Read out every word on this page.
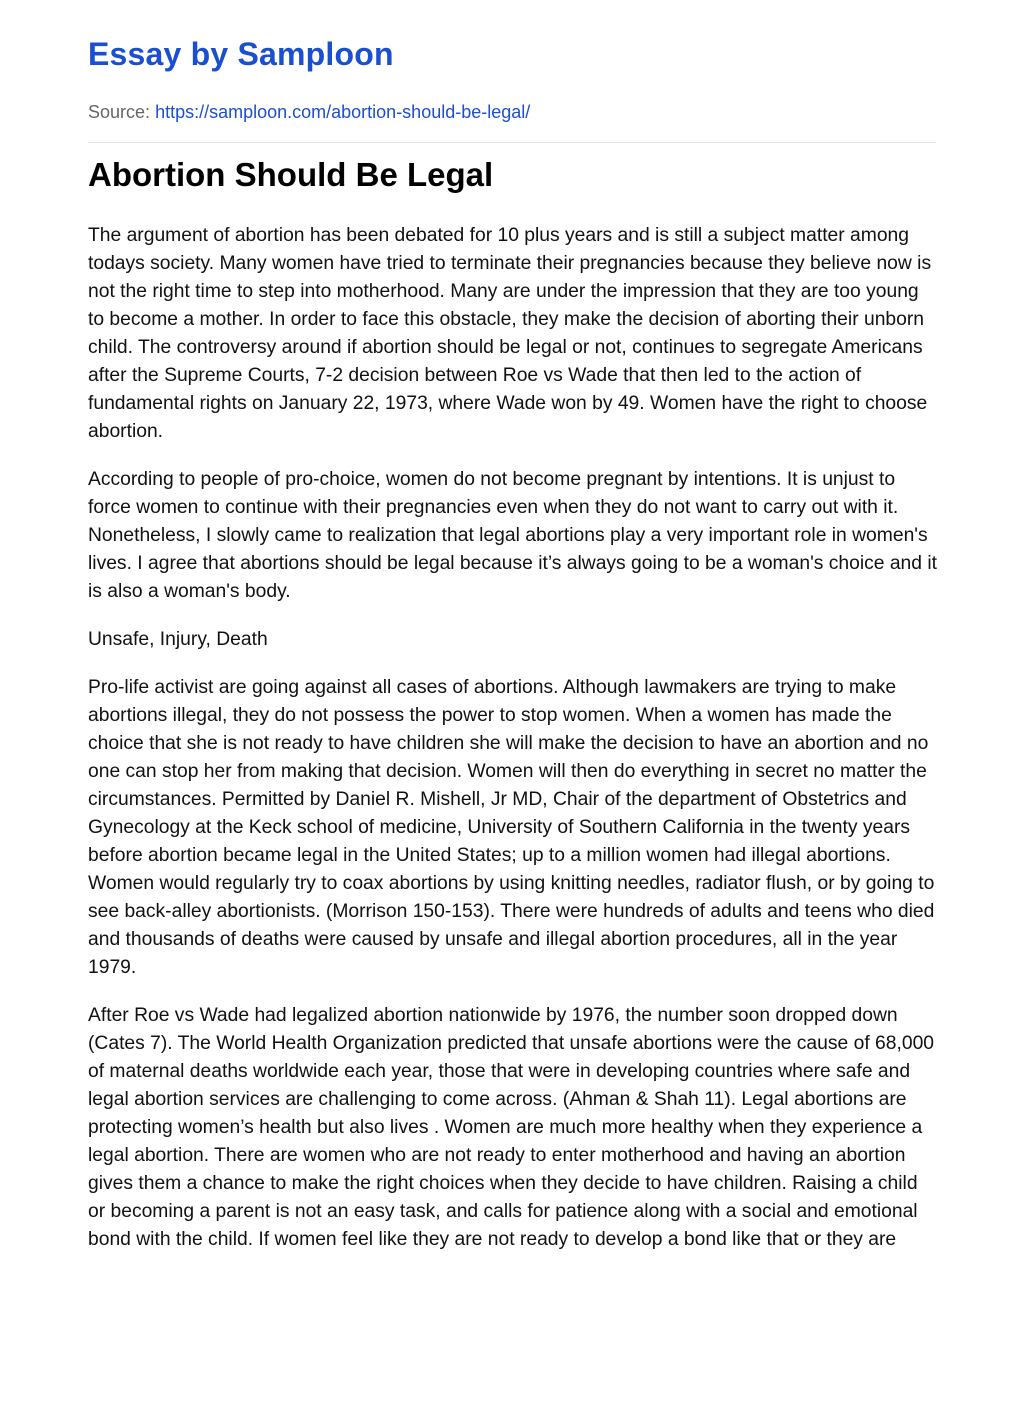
Essay by Samploon
Source: https://samploon.com/abortion-should-be-legal/
Abortion Should Be Legal

The argument of abortion has been debated for 10 plus years and is still a subject matter among todays society. Many women have tried to terminate their pregnancies because they believe now is not the right time to step into motherhood. Many are under the impression that they are too young to become a mother. In order to face this obstacle, they make the decision of aborting their unborn child. The controversy around if abortion should be legal or not, continues to segregate Americans after the Supreme Courts, 7-2 decision between Roe vs Wade that then led to the action of fundamental rights on January 22, 1973, where Wade won by 49. Women have the right to choose abortion.

According to people of pro-choice, women do not become pregnant by intentions. It is unjust to force women to continue with their pregnancies even when they do not want to carry out with it. Nonetheless, I slowly came to realization that legal abortions play a very important role in women's lives. I agree that abortions should be legal because it’s always going to be a woman's choice and it is also a woman's body.

Unsafe, Injury, Death

Pro-life activist are going against all cases of abortions. Although lawmakers are trying to make abortions illegal, they do not possess the power to stop women. When a women has made the choice that she is not ready to have children she will make the decision to have an abortion and no one can stop her from making that decision. Women will then do everything in secret no matter the circumstances. Permitted by Daniel R. Mishell, Jr MD, Chair of the department of Obstetrics and Gynecology at the Keck school of medicine, University of Southern California in the twenty years before abortion became legal in the United States; up to a million women had illegal abortions. Women would regularly try to coax abortions by using knitting needles, radiator flush, or by going to see back-alley abortionists. (Morrison 150-153). There were hundreds of adults and teens who died and thousands of deaths were caused by unsafe and illegal abortion procedures, all in the year 1979.

After Roe vs Wade had legalized abortion nationwide by 1976, the number soon dropped down (Cates 7). The World Health Organization predicted that unsafe abortions were the cause of 68,000 of maternal deaths worldwide each year, those that were in developing countries where safe and legal abortion services are challenging to come across. (Ahman & Shah 11). Legal abortions are protecting women’s health but also lives . Women are much more healthy when they experience a legal abortion. There are women who are not ready to enter motherhood and having an abortion gives them a chance to make the right choices when they decide to have children. Raising a child or becoming a parent is not an easy task, and calls for patience along with a social and emotional bond with the child. If women feel like they are not ready to develop a bond like that or they are
